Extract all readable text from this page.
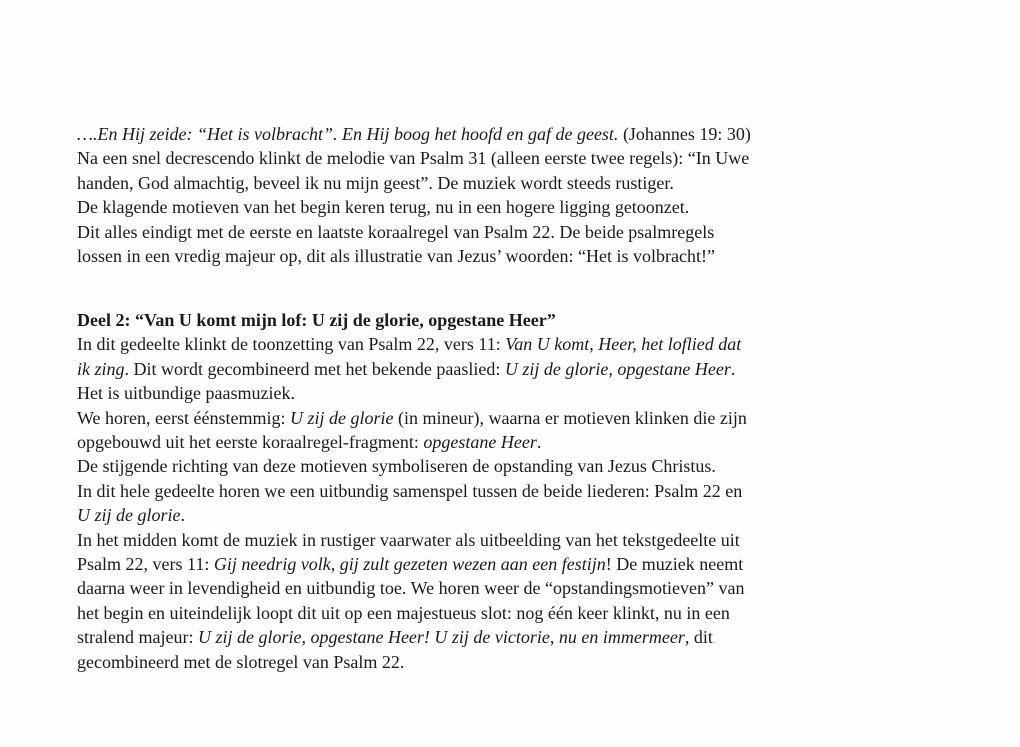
….En Hij zeide: “Het is volbracht”. En Hij boog het hoofd en gaf de geest. (Johannes 19: 30)
Na een snel decrescendo klinkt de melodie van Psalm 31 (alleen eerste twee regels): “In Uwe
handen, God almachtig, beveel ik nu mijn geest”. De muziek wordt steeds rustiger.
De klagende motieven van het begin keren terug, nu in een hogere ligging getoonzet.
Dit alles eindigt met de eerste en laatste koraalregel van Psalm 22. De beide psalmregels
lossen in een vredig majeur op, dit als illustratie van Jezus’ woorden: “Het is volbracht!”
Deel 2: “Van U komt mijn lof: U zij de glorie, opgestane Heer”
In dit gedeelte klinkt de toonzetting van Psalm 22, vers 11: Van U komt, Heer, het loflied dat
ik zing. Dit wordt gecombineerd met het bekende paaslied: U zij de glorie, opgestane Heer.
Het is uitbundige paasmuziek.
We horen, eerst éénstemmig: U zij de glorie (in mineur), waarna er motieven klinken die zijn
opgebouwd uit het eerste koraalregel-fragment: opgestane Heer.
De stijgende richting van deze motieven symboliseren de opstanding van Jezus Christus.
In dit hele gedeelte horen we een uitbundig samenspel tussen de beide liederen: Psalm 22 en
U zij de glorie.
In het midden komt de muziek in rustiger vaarwater als uitbeelding van het tekstgedeelte uit
Psalm 22, vers 11: Gij needrig volk, gij zult gezeten wezen aan een festijn! De muziek neemt
daarna weer in levendigheid en uitbundig toe. We horen weer de “opstandingsmotieven” van
het begin en uiteindelijk loopt dit uit op een majestueus slot: nog één keer klinkt, nu in een
stralend majeur: U zij de glorie, opgestane Heer! U zij de victorie, nu en immermeer, dit
gecombineerd met de slotregel van Psalm 22.
